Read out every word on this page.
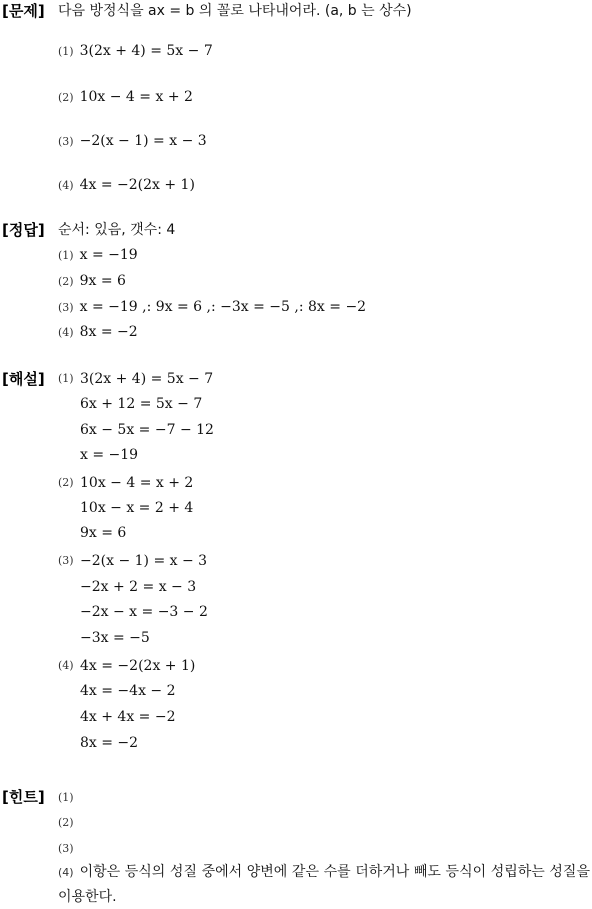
[문제] 다음 방정식을 ax = b 의 꼴로 나타내어라. (a, b 는 상수)
(1) 3(2x + 4) = 5x − 7
(2) 10x − 4 = x + 2
(3) −2(x − 1) = x − 3
(4) 4x = −2(2x + 1)
[정답] 순서: 있음, 갯수: 4
(1) x = −19
(2) 9x = 6
(3) x = −19 ,: 9x = 6 ,: −3x = −5 ,: 8x = −2
(4) 8x = −2
[해설] (1) 3(2x + 4) = 5x − 7
6x + 12 = 5x − 7
6x − 5x = −7 − 12
x = −19
(2) 10x − 4 = x + 2
10x − x = 2 + 4
9x = 6
(3) −2(x − 1) = x − 3
−2x + 2 = x − 3
−2x − x = −3 − 2
−3x = −5
(4) 4x = −2(2x + 1)
4x = −4x − 2
4x + 4x = −2
8x = −2
[힌트] (1)
(2)
(3)
(4) 이항은 등식의 성질 중에서 양변에 같은 수를 더하거나 빼도 등식이 성립하는 성질을 이용한다.
